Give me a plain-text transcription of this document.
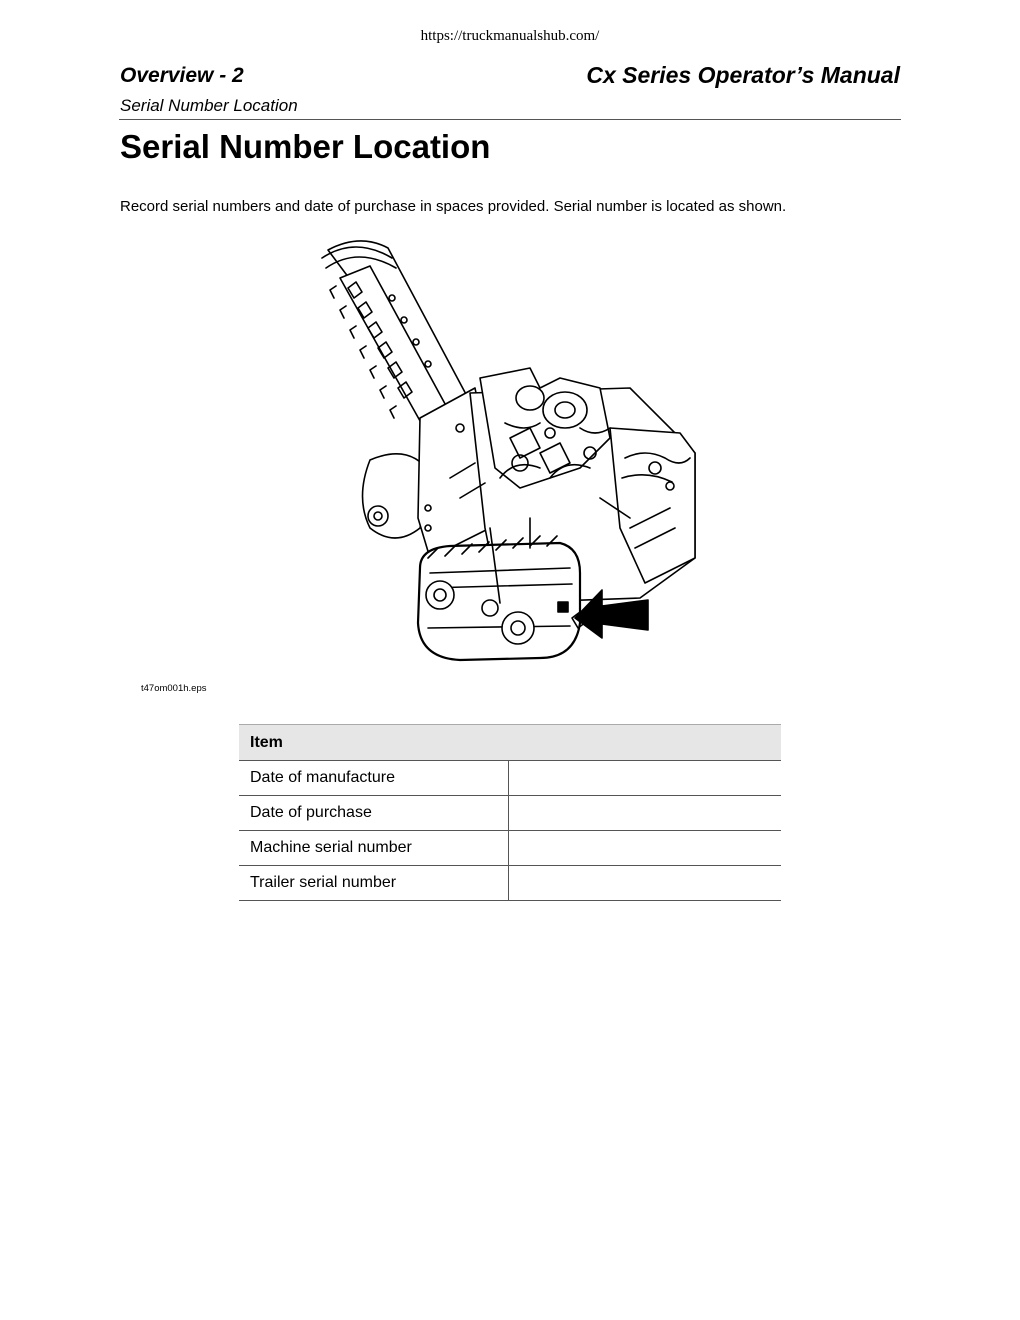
https://truckmanualshub.com/
Overview - 2	Cx Series Operator’s Manual
Serial Number Location
Serial Number Location
Record serial numbers and date of purchase in spaces provided. Serial number is located as shown.
t47om001h.eps
Item	
Date of manufacture	
Date of purchase	
Machine serial number	
Trailer serial number	
